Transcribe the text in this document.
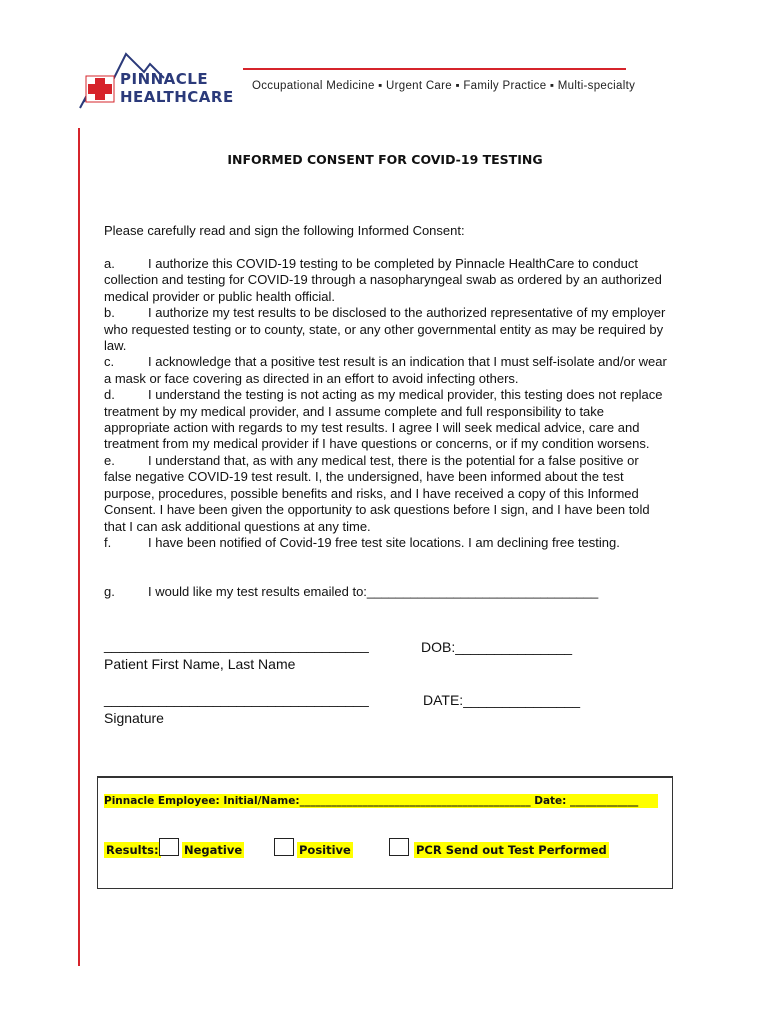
PINNACLE
HEALTHCARE
Occupational Medicine ▪ Urgent Care ▪ Family Practice ▪ Multi-specialty
INFORMED CONSENT FOR COVID-19 TESTING
Please carefully read and sign the following Informed Consent:

a.	I authorize this COVID-19 testing to be completed by Pinnacle HealthCare to conduct collection and testing for COVID-19 through a nasopharyngeal swab as ordered by an authorized medical provider or public health official.

b.	I authorize my test results to be disclosed to the authorized representative of my employer who requested testing or to county, state, or any other governmental entity as may be required by law.

c.	I acknowledge that a positive test result is an indication that I must self-isolate and/or wear a mask or face covering as directed in an effort to avoid infecting others.

d.	I understand the testing is not acting as my medical provider, this testing does not replace treatment by my medical provider, and I assume complete and full responsibility to take appropriate action with regards to my test results. I agree I will seek medical advice, care and treatment from my medical provider if I have questions or concerns, or if my condition worsens.

e.	I understand that, as with any medical test, there is the potential for a false positive or false negative COVID-19 test result. I, the undersigned, have been informed about the test purpose, procedures, possible benefits and risks, and I have received a copy of this Informed Consent. I have been given the opportunity to ask questions before I sign, and I have been told that I can ask additional questions at any time.

f.	I have been notified of Covid-19 free test site locations. I am declining free testing.

g.	I would like my test results emailed to:________________________________
__________________________________
Patient First Name, Last Name
DOB:_______________
__________________________________
Signature
DATE:_______________
Pinnacle Employee: Initial/Name:____________________________________________ Date: _____________
Results: Negative	Positive	PCR Send out Test Performed
